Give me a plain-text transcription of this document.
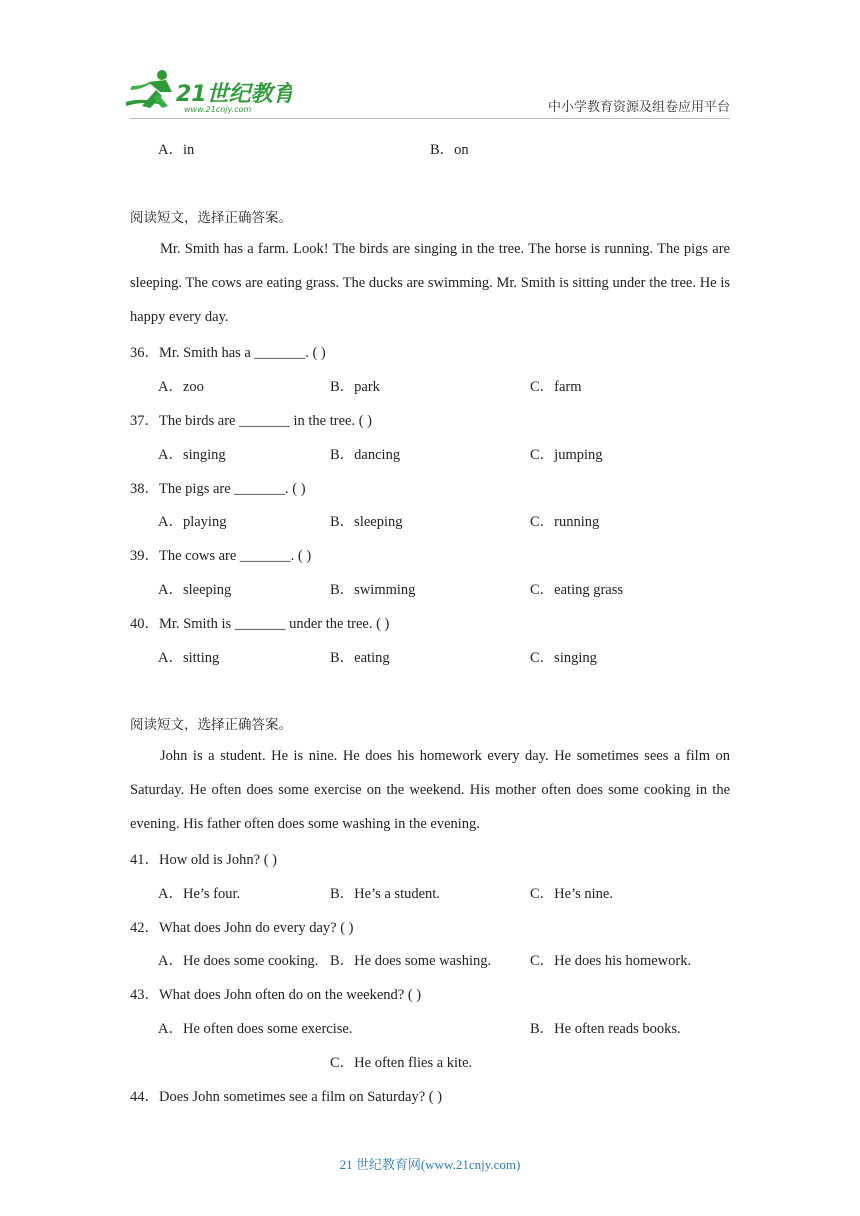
21世纪教育
www.21cnjy.com	中小学教育资源及组卷应用平台
A．in	B．on
阅读短文，选择正确答案。
Mr. Smith has a farm. Look! The birds are singing in the tree. The horse is running. The pigs are sleeping. The cows are eating grass. The ducks are swimming. Mr. Smith is sitting under the tree. He is happy every day.
36．Mr. Smith has a _______. ( )
A．zoo	B．park	C．farm
37．The birds are _______ in the tree. ( )
A．singing	B．dancing	C．jumping
38．The pigs are _______. ( )
A．playing	B．sleeping	C．running
39．The cows are _______. ( )
A．sleeping	B．swimming	C．eating grass
40．Mr. Smith is _______ under the tree. ( )
A．sitting	B．eating	C．singing
阅读短文，选择正确答案。
John is a student. He is nine. He does his homework every day. He sometimes sees a film on Saturday. He often does some exercise on the weekend. His mother often does some cooking in the evening. His father often does some washing in the evening.
41．How old is John? ( )
A．He’s four.	B．He’s a student.	C．He’s nine.
42．What does John do every day? ( )
A．He does some cooking. B．He does some washing.	C．He does his homework.
43．What does John often do on the weekend? ( )
A．He often does some exercise.	B．He often reads books.
C．He often flies a kite.
44．Does John sometimes see a film on Saturday? ( )
21 世纪教育网(www.21cnjy.com)
